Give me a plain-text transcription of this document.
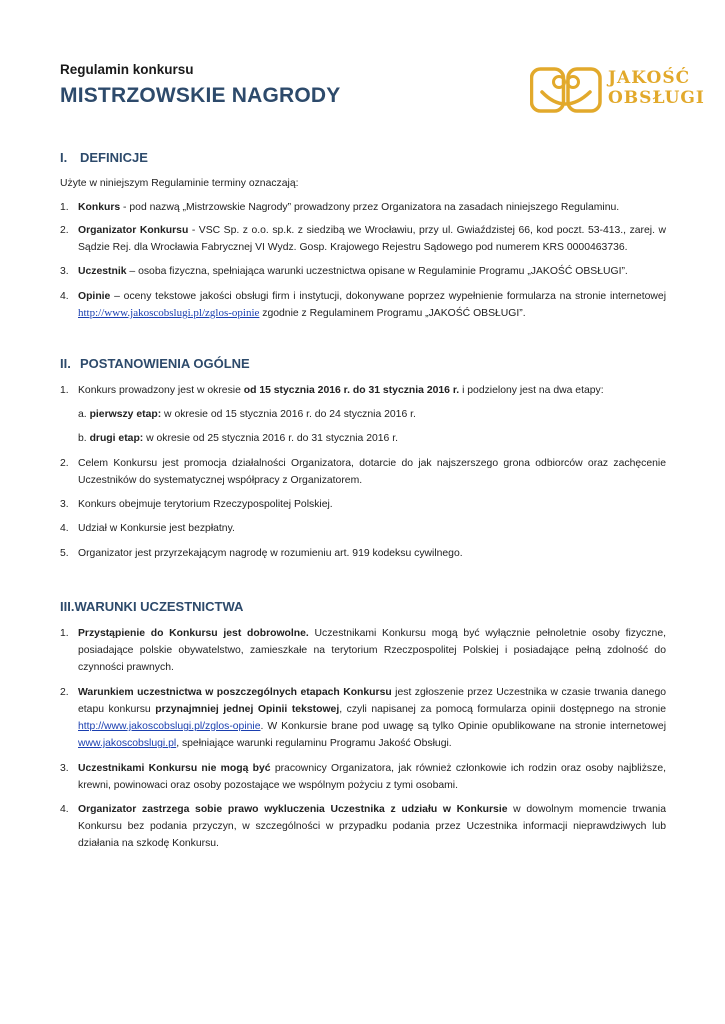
Regulamin konkursu
MISTRZOWSKIE NAGRODY
JAKOŚĆ
OBSŁUGI
I. DEFINICJE
Użyte w niniejszym Regulaminie terminy oznaczają:
1. Konkurs - pod nazwą „Mistrzowskie Nagrody” prowadzony przez Organizatora na zasadach niniejszego Regulaminu.
2. Organizator Konkursu - VSC Sp. z o.o. sp.k. z siedzibą we Wrocławiu, przy ul. Gwiaździstej 66, kod poczt. 53-413., zarej. w Sądzie Rej. dla Wrocławia Fabrycznej VI Wydz. Gosp. Krajowego Rejestru Sądowego pod numerem KRS 0000463736.
3. Uczestnik – osoba fizyczna, spełniająca warunki uczestnictwa opisane w Regulaminie Programu „JAKOŚĆ OBSŁUGI”.
4. Opinie – oceny tekstowe jakości obsługi firm i instytucji, dokonywane poprzez wypełnienie formularza na stronie internetowej http://www.jakoscobslugi.pl/zglos-opinie zgodnie z Regulaminem Programu „JAKOŚĆ OBSŁUGI”.
II. POSTANOWIENIA OGÓLNE
1. Konkurs prowadzony jest w okresie od 15 stycznia 2016 r. do 31 stycznia 2016 r. i podzielony jest na dwa etapy:
a. pierwszy etap: w okresie od 15 stycznia 2016 r. do 24 stycznia 2016 r.
b. drugi etap: w okresie od 25 stycznia 2016 r. do 31 stycznia 2016 r.
2. Celem Konkursu jest promocja działalności Organizatora, dotarcie do jak najszerszego grona odbiorców oraz zachęcenie Uczestników do systematycznej współpracy z Organizatorem.
3. Konkurs obejmuje terytorium Rzeczypospolitej Polskiej.
4. Udział w Konkursie jest bezpłatny.
5. Organizator jest przyrzekającym nagrodę w rozumieniu art. 919 kodeksu cywilnego.
III.WARUNKI UCZESTNICTWA
1. Przystąpienie do Konkursu jest dobrowolne. Uczestnikami Konkursu mogą być wyłącznie pełnoletnie osoby fizyczne, posiadające polskie obywatelstwo, zamieszkałe na terytorium Rzeczpospolitej Polskiej i posiadające pełną zdolność do czynności prawnych.
2. Warunkiem uczestnictwa w poszczególnych etapach Konkursu jest zgłoszenie przez Uczestnika w czasie trwania danego etapu konkursu przynajmniej jednej Opinii tekstowej, czyli napisanej za pomocą formularza opinii dostępnego na stronie http://www.jakoscobslugi.pl/zglos-opinie. W Konkursie brane pod uwagę są tylko Opinie opublikowane na stronie internetowej www.jakoscobslugi.pl, spełniające warunki regulaminu Programu Jakość Obsługi.
3. Uczestnikami Konkursu nie mogą być pracownicy Organizatora, jak również członkowie ich rodzin oraz osoby najbliższe, krewni, powinowaci oraz osoby pozostające we wspólnym pożyciu z tymi osobami.
4. Organizator zastrzega sobie prawo wykluczenia Uczestnika z udziału w Konkursie w dowolnym momencie trwania Konkursu bez podania przyczyn, w szczególności w przypadku podania przez Uczestnika informacji nieprawdziwych lub działania na szkodę Konkursu.
